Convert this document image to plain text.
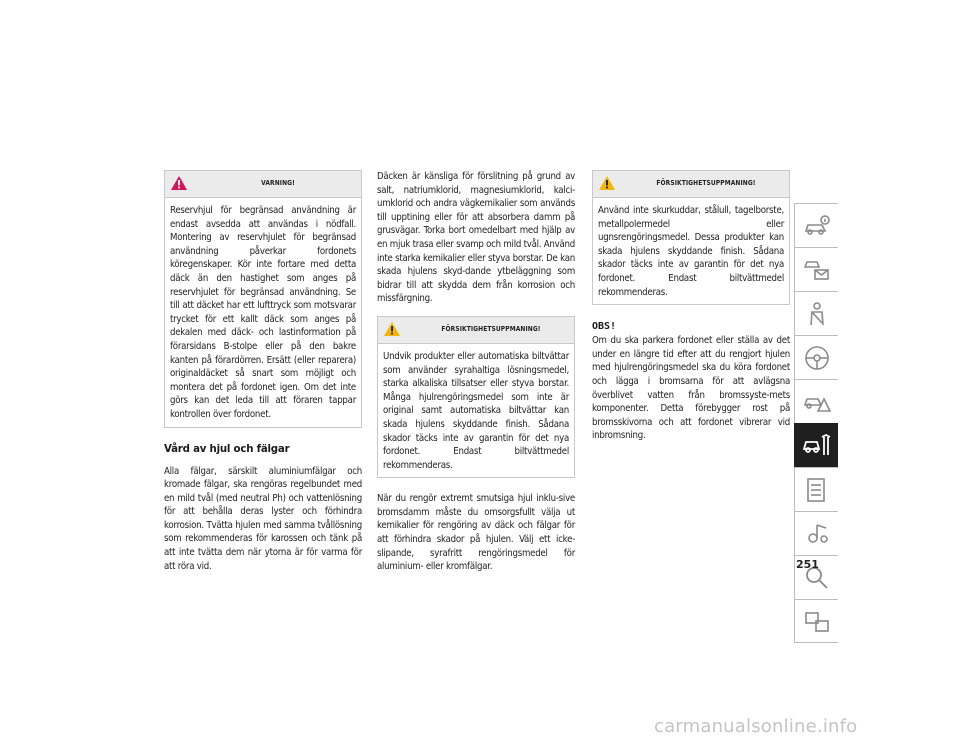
VARNING!

Reservhjul för begränsad användning är endast avsedda att användas i nödfall. Montering av reservhjulet för begränsad användning påverkar fordonets köregenskaper. Kör inte fortare med detta däck än den hastighet som anges på reservhjulet för begränsad användning. Se till att däcket har ett lufttryck som motsvarar trycket för ett kallt däck som anges på dekalen med däck- och lastinformation på förarsidans B-stolpe eller på den bakre kanten på förardörren. Ersätt (eller reparera) originaldäcket så snart som möjligt och montera det på fordonet igen. Om det inte görs kan det leda till att föraren tappar kontrollen över fordonet.

Vård av hjul och fälgar

Alla fälgar, särskilt aluminiumfälgar och kromade fälgar, ska rengöras regelbundet med en mild tvål (med neutral Ph) och vattenlösning för att behålla deras lyster och förhindra korrosion. Tvätta hjulen med samma tvållösning som rekommenderas för karossen och tänk på att inte tvätta dem när ytorna är för varma för att röra vid.

Däcken är känsliga för förslitning på grund av salt, natriumklorid, magnesiumklorid, kalci-umklorid och andra vägkemikalier som används till upptining eller för att absorbera damm på grusvägar. Torka bort omedelbart med hjälp av en mjuk trasa eller svamp och mild tvål. Använd inte starka kemikalier eller styva borstar. De kan skada hjulens skyd-dande ytbeläggning som bidrar till att skydda dem från korrosion och missfärgning.

FÖRSIKTIGHETSUPPMANING!

Undvik produkter eller automatiska biltvättar som använder syrahaltiga lösningsmedel, starka alkaliska tillsatser eller styva borstar. Många hjulrengöringsmedel som inte är original samt automatiska biltvättar kan skada hjulens skyddande finish. Sådana skador täcks inte av garantin för det nya fordonet. Endast biltvättmedel rekommenderas.

När du rengör extremt smutsiga hjul inklu-sive bromsdamm måste du omsorgsfullt välja ut kemikalier för rengöring av däck och fälgar för att förhindra skador på hjulen. Välj ett icke-slipande, syrafritt rengöringsmedel för aluminium- eller kromfälgar.

FÖRSIKTIGHETSUPPMANING!

Använd inte skurkuddar, stålull, tagelborste, metallpolermedel eller ugnsrengöringsmedel. Dessa produkter kan skada hjulens skyddande finish. Sådana skador täcks inte av garantin för det nya fordonet. Endast biltvättmedel rekommenderas.

OBS!

Om du ska parkera fordonet eller ställa av det under en längre tid efter att du rengjort hjulen med hjulrengöringsmedel ska du köra fordonet och lägga i bromsarna för att avlägsna överblivet vatten från bromssyste-mets komponenter. Detta förebygger rost på bromsskivorna och att fordonet vibrerar vid inbromsning.

251
carmanualsonline.info
